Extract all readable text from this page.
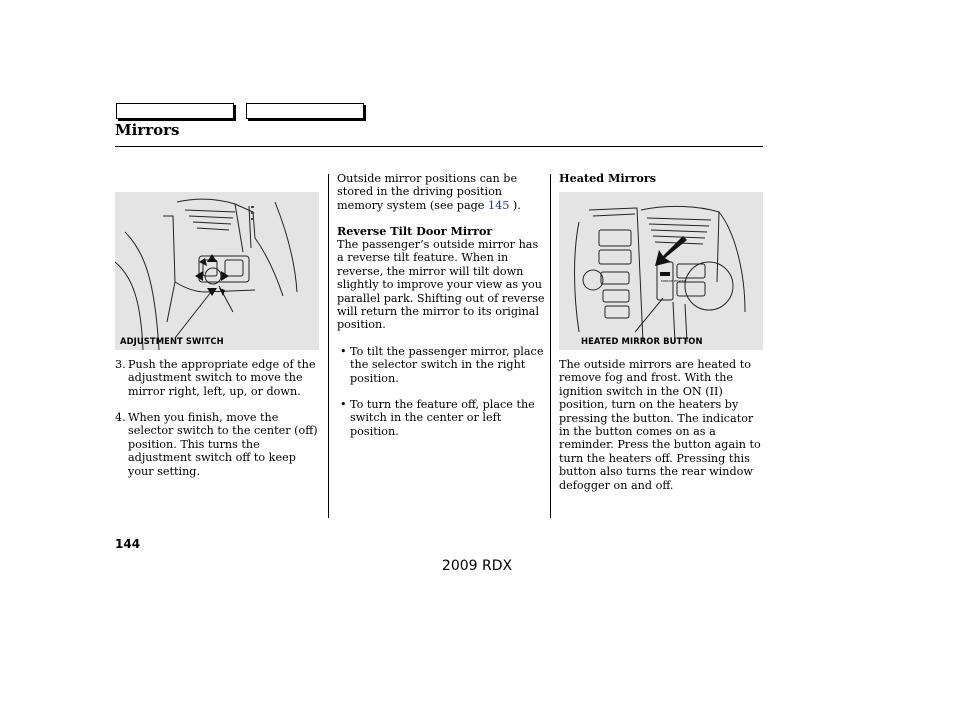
Mirrors
ADJUSTMENT SWITCH
3. Push the appropriate edge of the adjustment switch to move the mirror right, left, up, or down.
4. When you finish, move the selector switch to the center (off) position. This turns the adjustment switch off to keep your setting.
Outside mirror positions can be stored in the driving position memory system (see page 145 ).
Reverse Tilt Door Mirror
The passenger’s outside mirror has a reverse tilt feature. When in reverse, the mirror will tilt down slightly to improve your view as you parallel park. Shifting out of reverse will return the mirror to its original position.
• To tilt the passenger mirror, place the selector switch in the right position.
• To turn the feature off, place the switch in the center or left position.
Heated Mirrors
MIRROR HEATER
HEATED MIRROR BUTTON
The outside mirrors are heated to remove fog and frost. With the ignition switch in the ON (II) position, turn on the heaters by pressing the button. The indicator in the button comes on as a reminder. Press the button again to turn the heaters off. Pressing this button also turns the rear window defogger on and off.
144
2009 RDX
